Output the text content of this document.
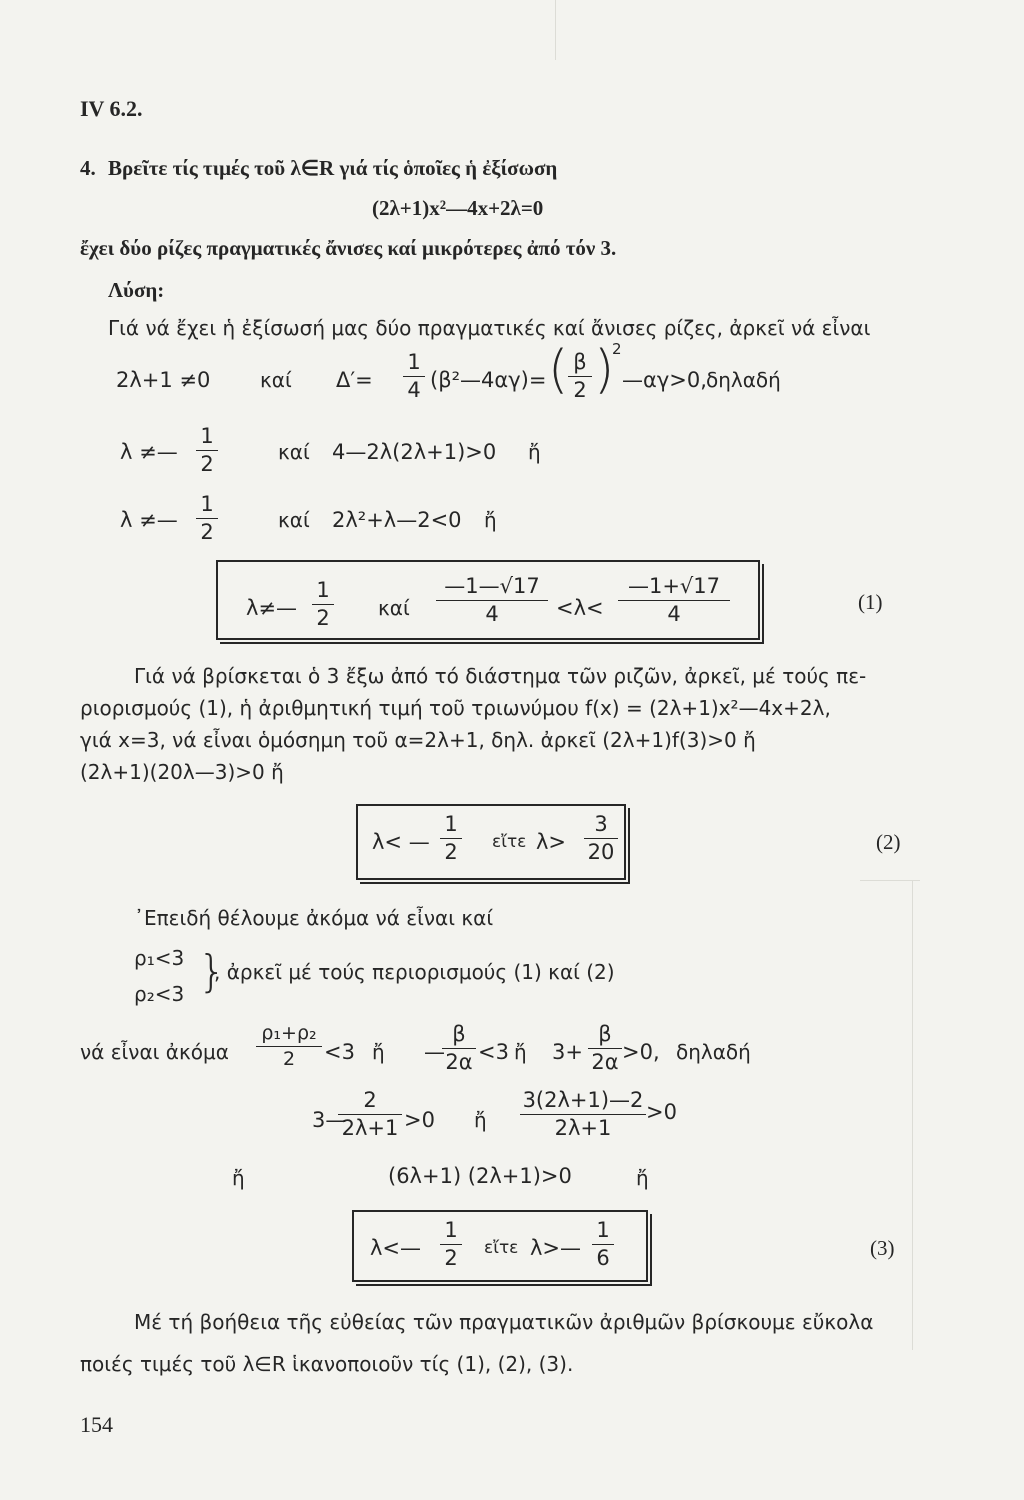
IV 6.2.
4. Βρεῖτε τίς τιμές τοῦ λ∈R γιά τίς ὁποῖες ἡ ἐξίσωση
(2λ+1)x²—4x+2λ=0
ἔχει δύο ρίζες πραγματικές ἄνισες καί μικρότερες ἀπό τόν 3.
Λύση:
Γιά νά ἔχει ἡ ἐξίσωσή μας δύο πραγματικές καί ἄνισες ρίζες, ἀρκεῖ νά εἶναι
2λ+1 ≠0 καί $\Delta'= \frac{1}{4}$ (β²—4αγ)= ( $\frac{\beta}{2}$ )
2
—αγ>0, δηλαδή
λ ≠— $\frac{1}{2}$	καί 4—2λ(2λ+1)>0 ἤ
λ ≠— $\frac{1}{2}$	καί 2λ²+λ—2<0 ἤ
λ≠— $\frac{1}{2}$ καί $\frac{—1—√17}{4} <\lambda< \frac{—1+√17}{4}$	(1)
Γιά νά βρίσκεται ὁ 3 ἔξω ἀπό τό διάστημα τῶν ριζῶν, ἀρκεῖ, μέ τούς πε-
ριορισμούς (1), ἡ ἀριθμητική τιμή τοῦ τριωνύμου f(x) = (2λ+1)x²—4x+2λ,
γιά x=3, νά εἶναι ὁμόσημη τοῦ α=2λ+1, δηλ. ἀρκεῖ (2λ+1)f(3)>0 ἤ
(2λ+1)(20λ—3)>0 ἤ
λ< — $\frac{1}{2}$ εἴτε $\lambda> \frac{3}{20}$	(2)
᾽Επειδή θέλουμε ἀκόμα νά εἶναι καί
ρ₁<3
ρ₂<3 }
, ἀρκεῖ μέ τούς περιορισμούς (1) καί (2)
νά εἶναι ἀκόμα $\frac{\text{ρ₁+ρ₂}}{2} <3$ ἤ —
$\frac{\beta}{2\alpha} <3$ ἤ $3+ \frac{\beta}{2\alpha} >0$, δηλαδή
3—
$\frac{2}{2\lambda+1} >0$ ἤ $\frac{3(2\lambda+1)—2}{2\lambda+1} >0$
ἤ	(6λ+1) (2λ+1)>0	ἤ
λ<— $\frac{1}{2}$ εἴτε λ>— $\frac{1}{6}$	(3)
Μέ τή βοήθεια τῆς εὐθείας τῶν πραγματικῶν ἀριθμῶν βρίσκουμε εὔκολα
ποιές τιμές τοῦ λ∈R ἱκανοποιοῦν τίς (1), (2), (3).
154
